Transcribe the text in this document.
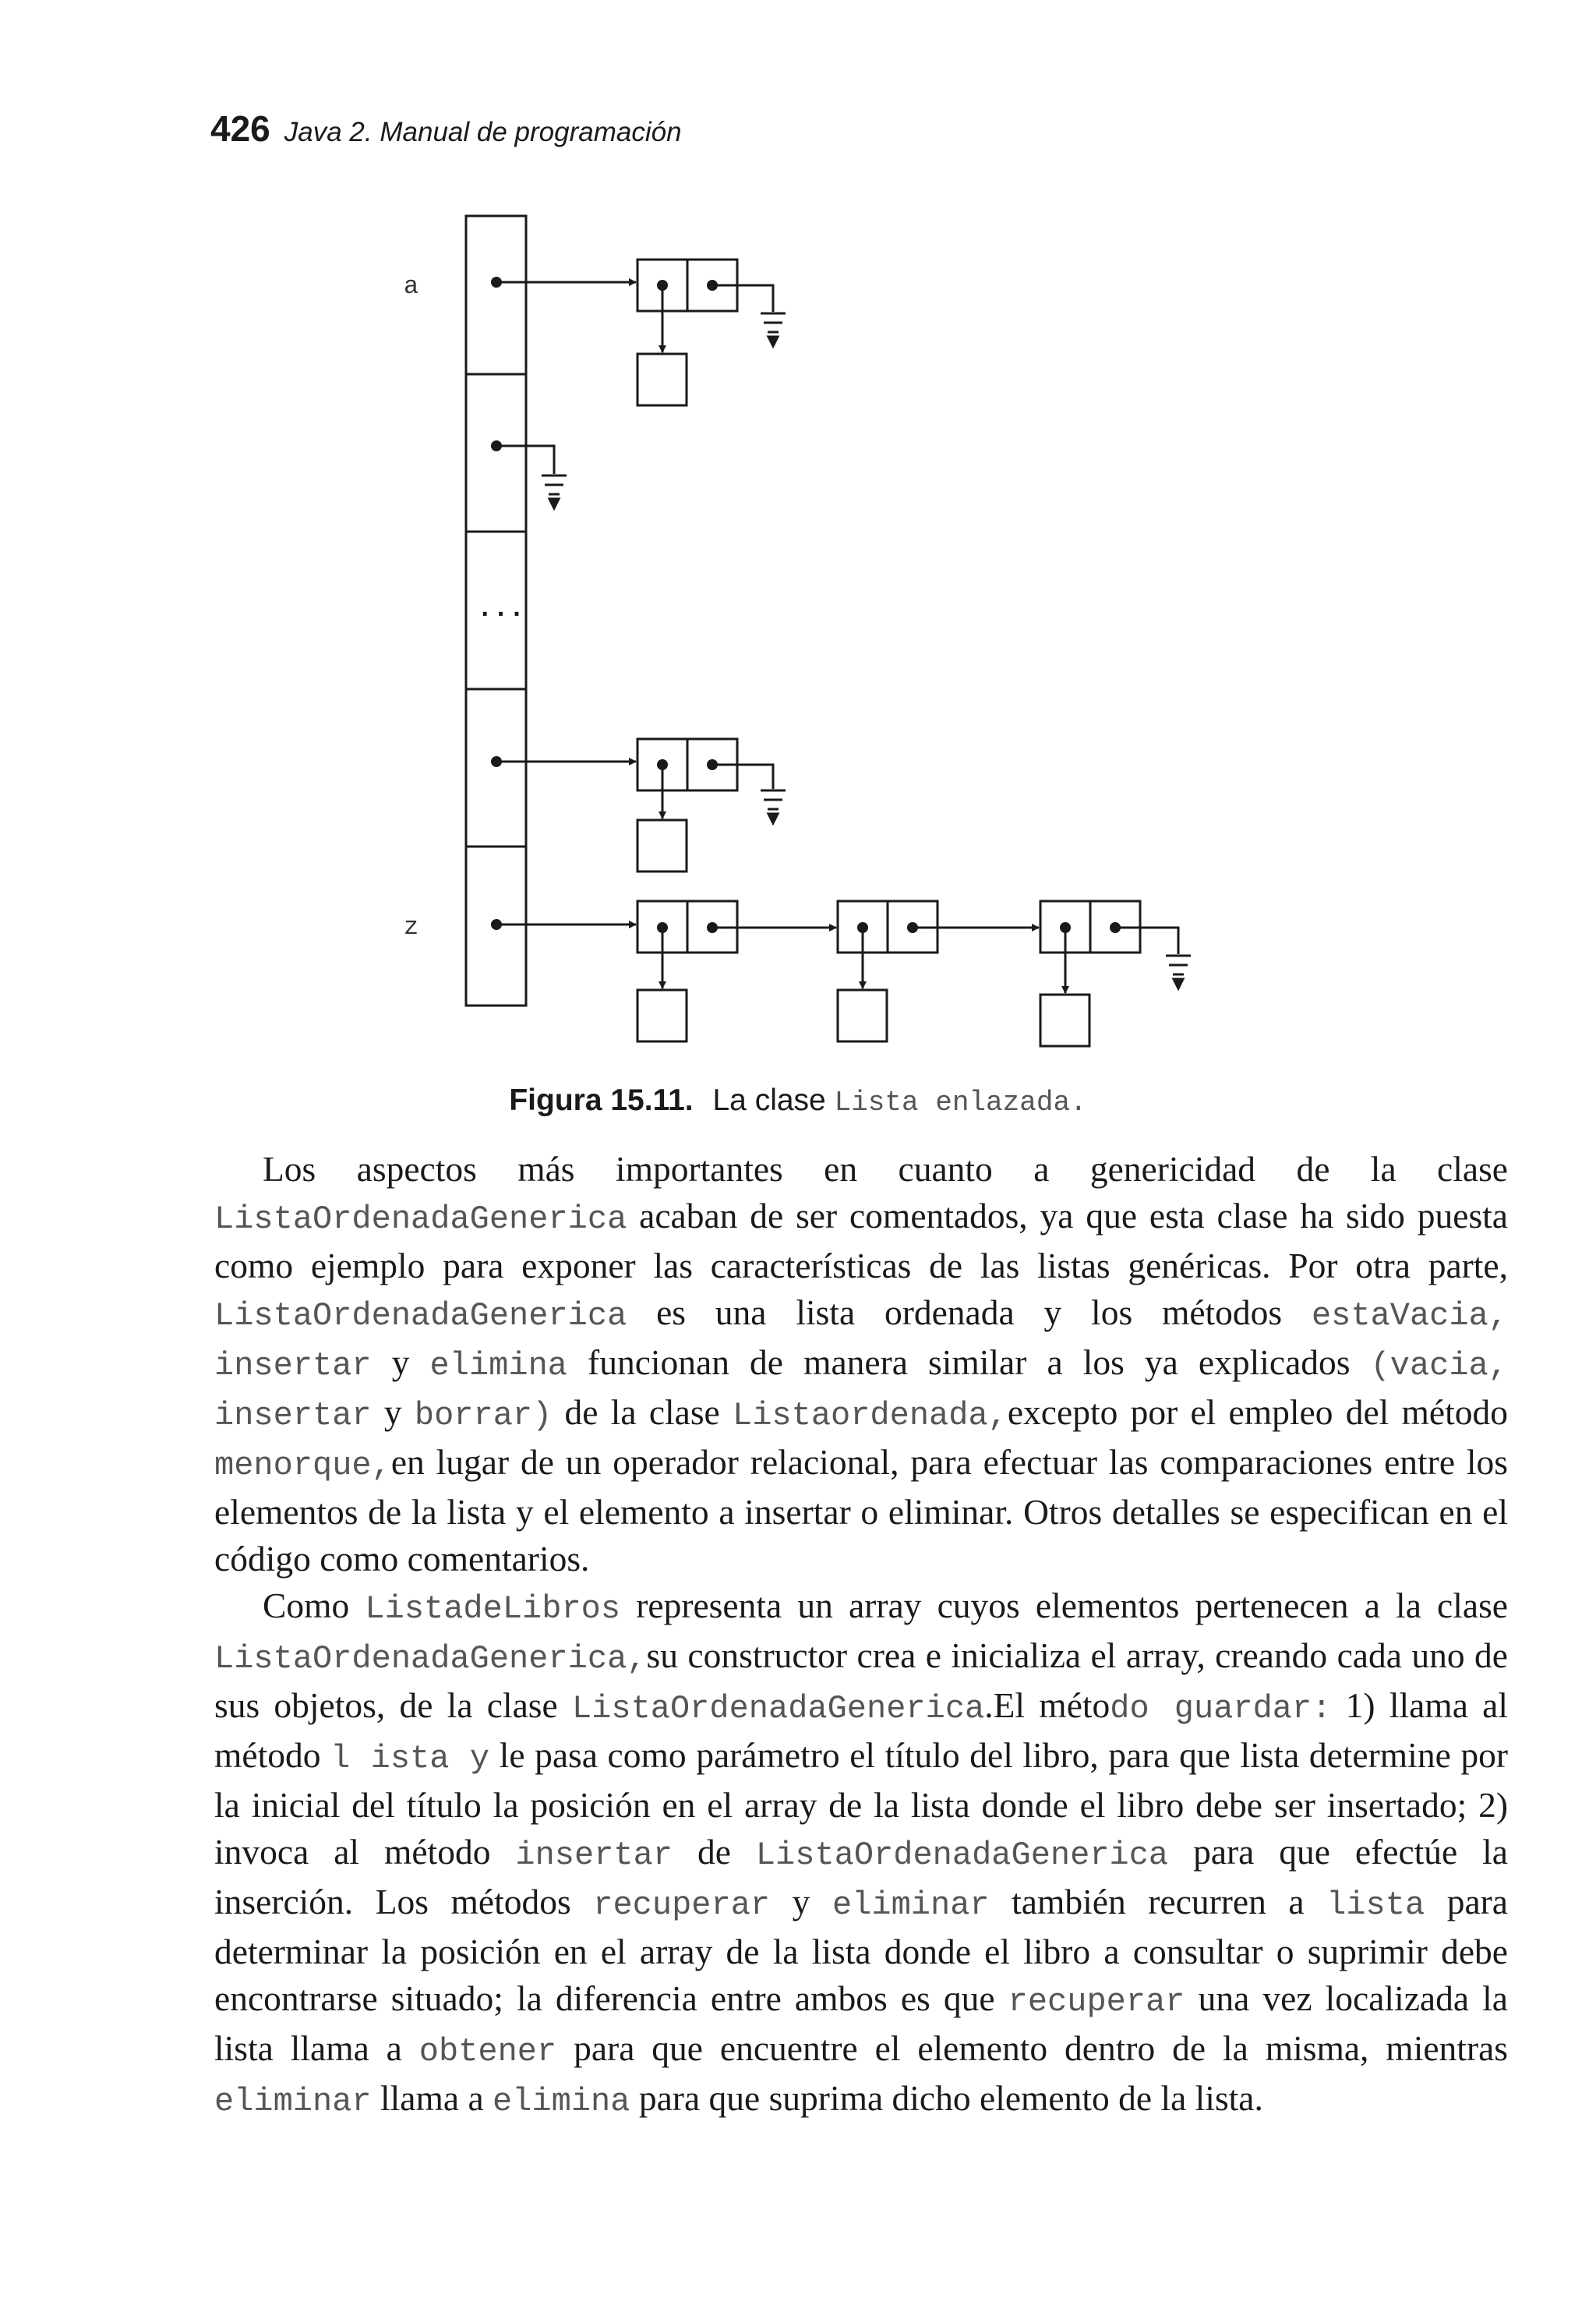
426 Java 2. Manual de programación
a
...
z
Figura 15.11. La clase Lista enlazada.

Los aspectos más importantes en cuanto a genericidad de la clase ListaOrdenadaGenerica acaban de ser comentados, ya que esta clase ha sido puesta como ejemplo para exponer las características de las listas genéricas. Por otra parte, ListaOrdenadaGenerica es una lista ordenada y los métodos estaVacia, insertar y elimina funcionan de manera similar a los ya explicados (vacia, insertar y borrar) de la clase Listaordenada,excepto por el empleo del método menorque,en lugar de un operador relacional, para efectuar las comparaciones entre los elementos de la lista y el elemento a insertar o eliminar. Otros detalles se especifican en el código como comentarios.

Como ListadeLibros representa un array cuyos elementos pertenecen a la clase ListaOrdenadaGenerica,su constructor crea e inicializa el array, creando cada uno de sus objetos, de la clase ListaOrdenadaGenerica.El método guardar: 1) llama al método l ista y le pasa como parámetro el título del libro, para que lista determine por la inicial del título la posición en el array de la lista donde el libro debe ser insertado; 2) invoca al método insertar de ListaOrdenadaGenerica para que efectúe la inserción. Los métodos recuperar y eliminar también recurren a lista para determinar la posición en el array de la lista donde el libro a consultar o suprimir debe encontrarse situado; la diferencia entre ambos es que recuperar una vez localizada la lista llama a obtener para que encuentre el elemento dentro de la misma, mientras eliminar llama a elimina para que suprima dicho elemento de la lista.
